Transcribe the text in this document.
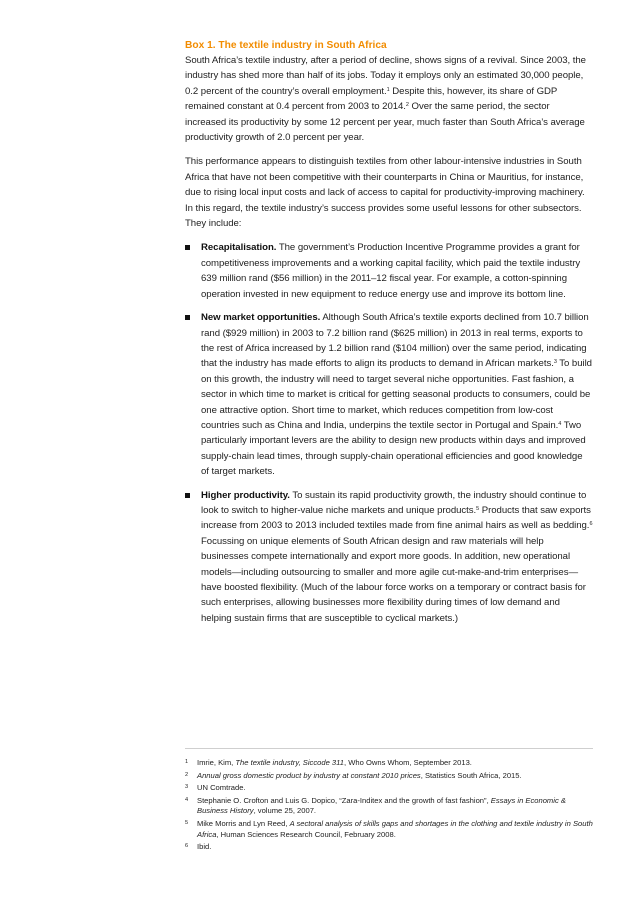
Box 1. The textile industry in South Africa

South Africa’s textile industry, after a period of decline, shows signs of a revival. Since 2003, the industry has shed more than half of its jobs. Today it employs only an estimated 30,000 people, 0.2 percent of the country’s overall employment.$^1$ Despite this, however, its share of GDP remained constant at 0.4 percent from 2003 to 2014.$^2$ Over the same period, the sector increased its productivity by some 12 percent per year, much faster than South Africa’s average productivity growth of 2.0 percent per year.

This performance appears to distinguish textiles from other labour-intensive industries in South Africa that have not been competitive with their counterparts in China or Mauritius, for instance, due to rising local input costs and lack of access to capital for productivity-improving machinery. In this regard, the textile industry’s success provides some useful lessons for other subsectors. They include:

Recapitalisation. The government’s Production Incentive Programme provides a grant for competitiveness improvements and a working capital facility, which paid the textile industry 639 million rand ($56 million) in the 2011–12 fiscal year. For example, a cotton-spinning operation invested in new equipment to reduce energy use and improve its bottom line.
New market opportunities. Although South Africa’s textile exports declined from 10.7 billion rand ($929 million) in 2003 to 7.2 billion rand ($625 million) in 2013 in real terms, exports to the rest of Africa increased by 1.2 billion rand ($104 million) over the same period, indicating that the industry has made efforts to align its products to demand in African markets.$^3$ To build on this growth, the industry will need to target several niche opportunities. Fast fashion, a sector in which time to market is critical for getting seasonal products to consumers, could be one attractive option. Short time to market, which reduces competition from low-cost countries such as China and India, underpins the textile sector in Portugal and Spain.$^4$ Two particularly important levers are the ability to design new products within days and improved supply-chain lead times, through supply-chain operational efficiencies and good knowledge of target markets.
Higher productivity. To sustain its rapid productivity growth, the industry should continue to look to switch to higher-value niche markets and unique products.$^5$ Products that saw exports increase from 2003 to 2013 included textiles made from fine animal hairs as well as bedding.$^6$ Focussing on unique elements of South African design and raw materials will help businesses compete internationally and export more goods. In addition, new operational models—including outsourcing to smaller and more agile cut-make-and-trim enterprises—have boosted flexibility. (Much of the labour force works on a temporary or contract basis for such enterprises, allowing businesses more flexibility during times of low demand and helping sustain firms that are susceptible to cyclical markets.)
1 Imrie, Kim, The textile industry, Siccode 311, Who Owns Whom, September 2013.
2 Annual gross domestic product by industry at constant 2010 prices, Statistics South Africa, 2015.
3 UN Comtrade.
4 Stephanie O. Crofton and Luis G. Dopico, “Zara-Inditex and the growth of fast fashion”, Essays in Economic & Business History, volume 25, 2007.
5 Mike Morris and Lyn Reed, A sectoral analysis of skills gaps and shortages in the clothing and textile industry in South Africa, Human Sciences Research Council, February 2008.
6 Ibid.
